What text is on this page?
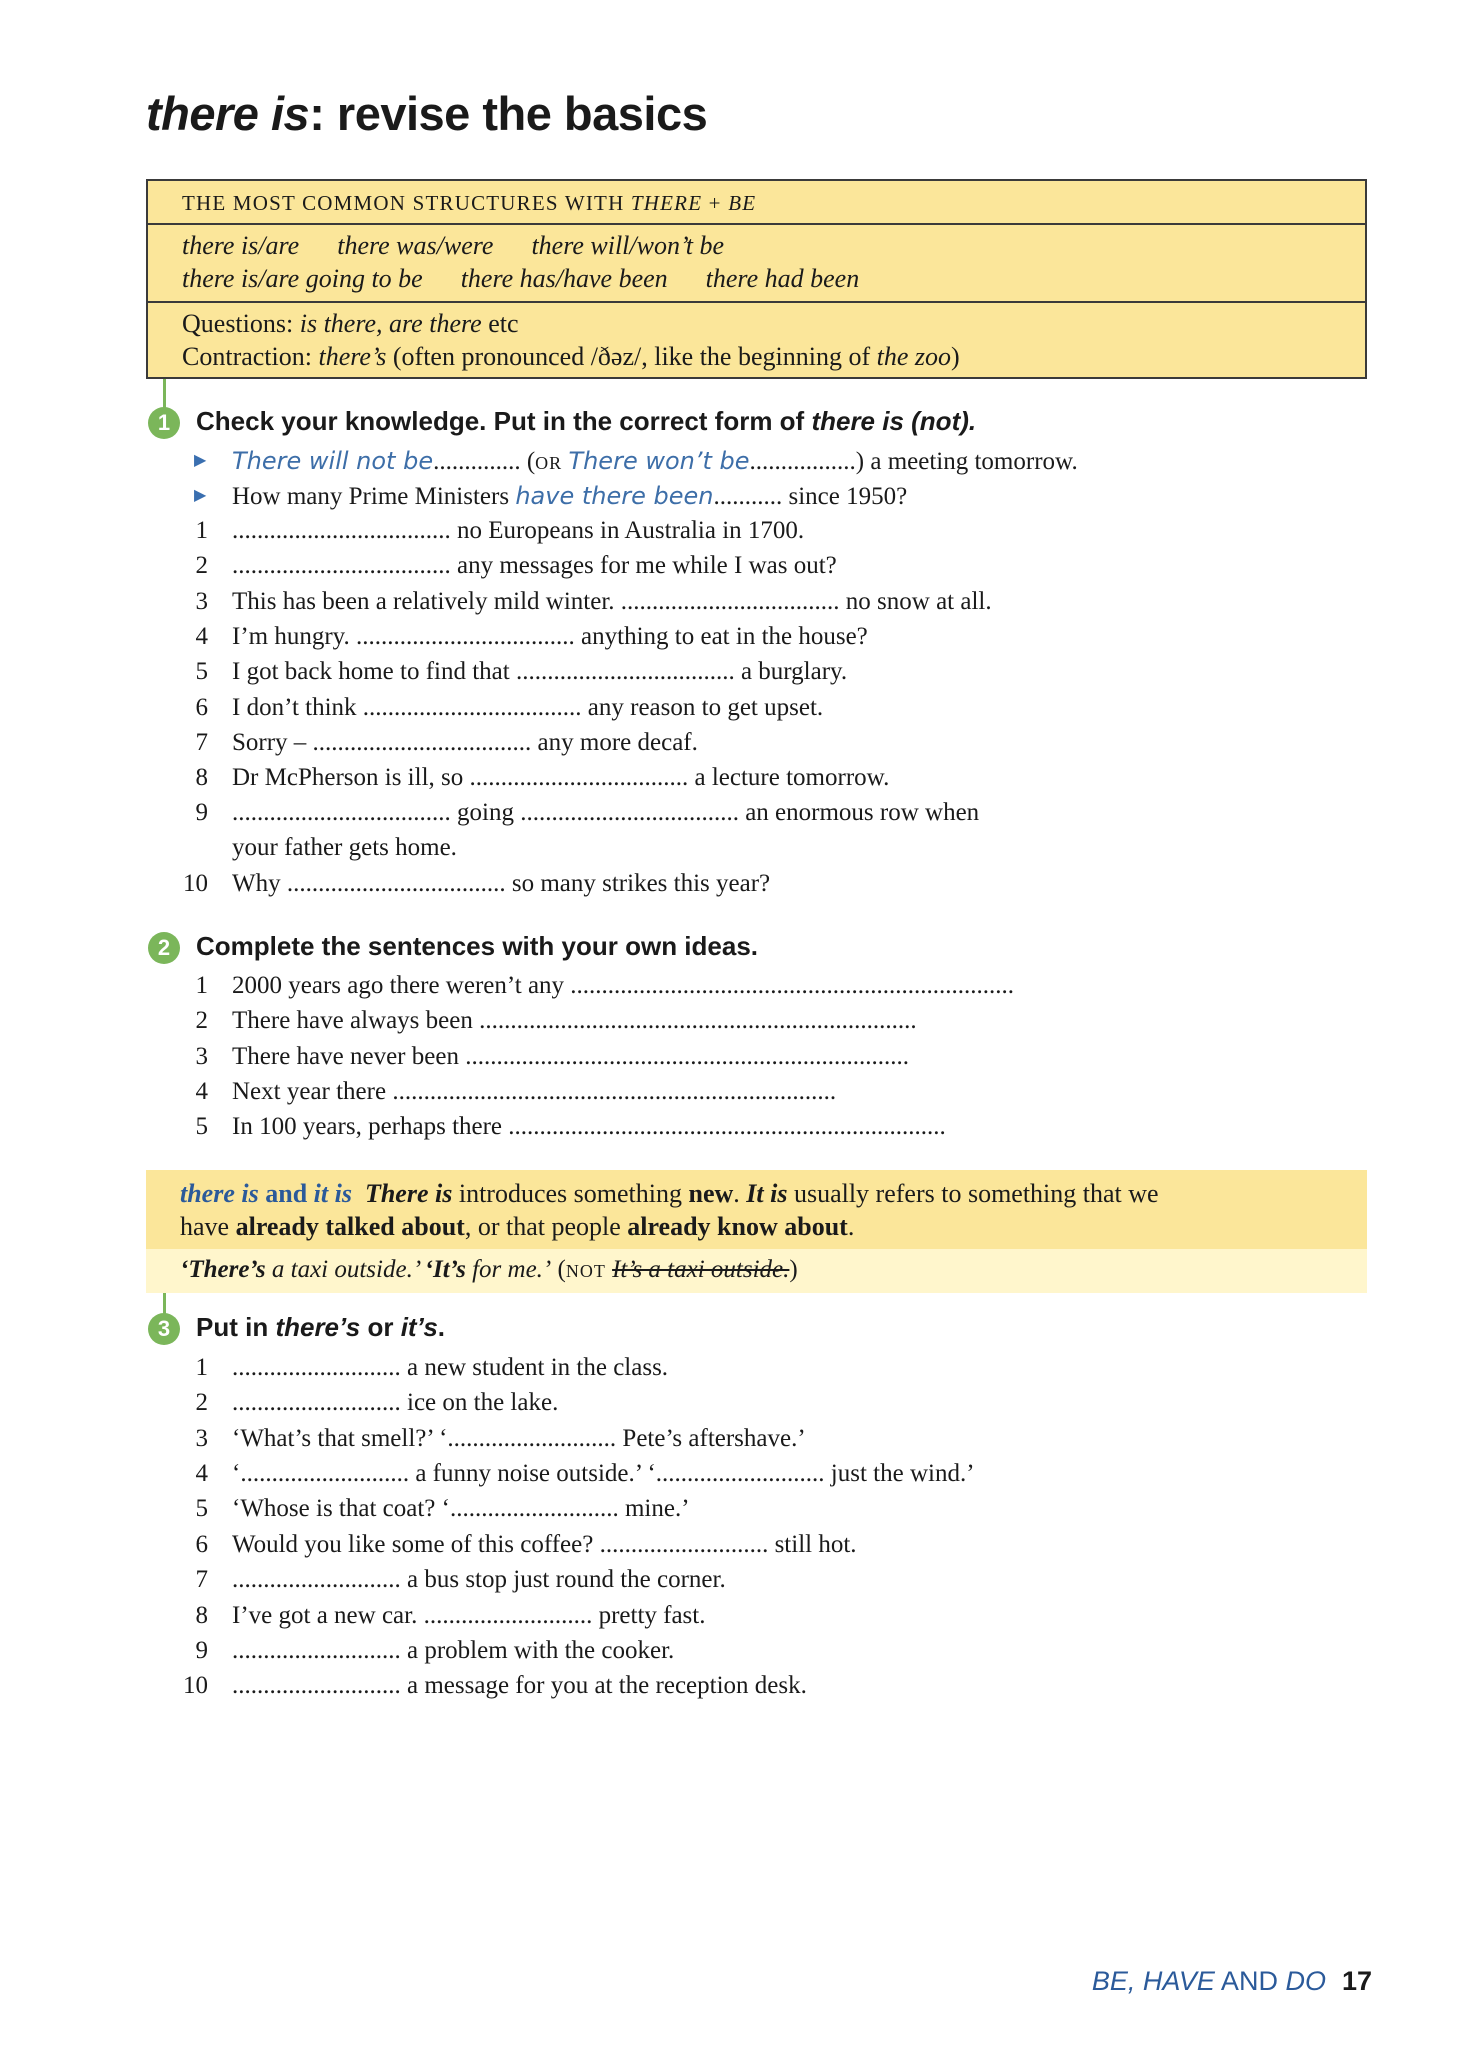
there is: revise the basics
THE MOST COMMON STRUCTURES WITH THERE + BE
there is/are there was/were there will/won’t be
there is/are going to be there has/have been there had been
Questions: is there, are there etc
Contraction: there’s (often pronounced /ðəz/, like the beginning of the zoo)
1 Check your knowledge. Put in the correct form of there is (not).
▶ There will not be.............. (OR There won’t be.................) a meeting tomorrow.
▶ How many Prime Ministers have there been........... since 1950?
1 ................................... no Europeans in Australia in 1700.
2 ................................... any messages for me while I was out?
3 This has been a relatively mild winter. ................................... no snow at all.
4 I’m hungry. ................................... anything to eat in the house?
5 I got back home to find that ................................... a burglary.
6 I don’t think ................................... any reason to get upset.
7 Sorry – ................................... any more decaf.
8 Dr McPherson is ill, so ................................... a lecture tomorrow.
9 ................................... going ................................... an enormous row when
your father gets home.
10 Why ................................... so many strikes this year?
2 Complete the sentences with your own ideas.
1 2000 years ago there weren’t any .......................................................................
2 There have always been ......................................................................
3 There have never been .......................................................................
4 Next year there .......................................................................
5 In 100 years, perhaps there ......................................................................
there is and it is There is introduces something new. It is usually refers to something that we
have already talked about, or that people already know about.
‘There’s a taxi outside.’ ‘It’s for me.’ (NOT It’s a taxi outside.)
3 Put in there’s or it’s.
1 ........................... a new student in the class.
2 ........................... ice on the lake.
3 ‘What’s that smell?’ ‘........................... Pete’s aftershave.’
4 ‘........................... a funny noise outside.’ ‘........................... just the wind.’
5 ‘Whose is that coat? ‘........................... mine.’
6 Would you like some of this coffee? ........................... still hot.
7 ........................... a bus stop just round the corner.
8 I’ve got a new car. ........................... pretty fast.
9 ........................... a problem with the cooker.
10 ........................... a message for you at the reception desk.
BE, HAVE AND DO 17
